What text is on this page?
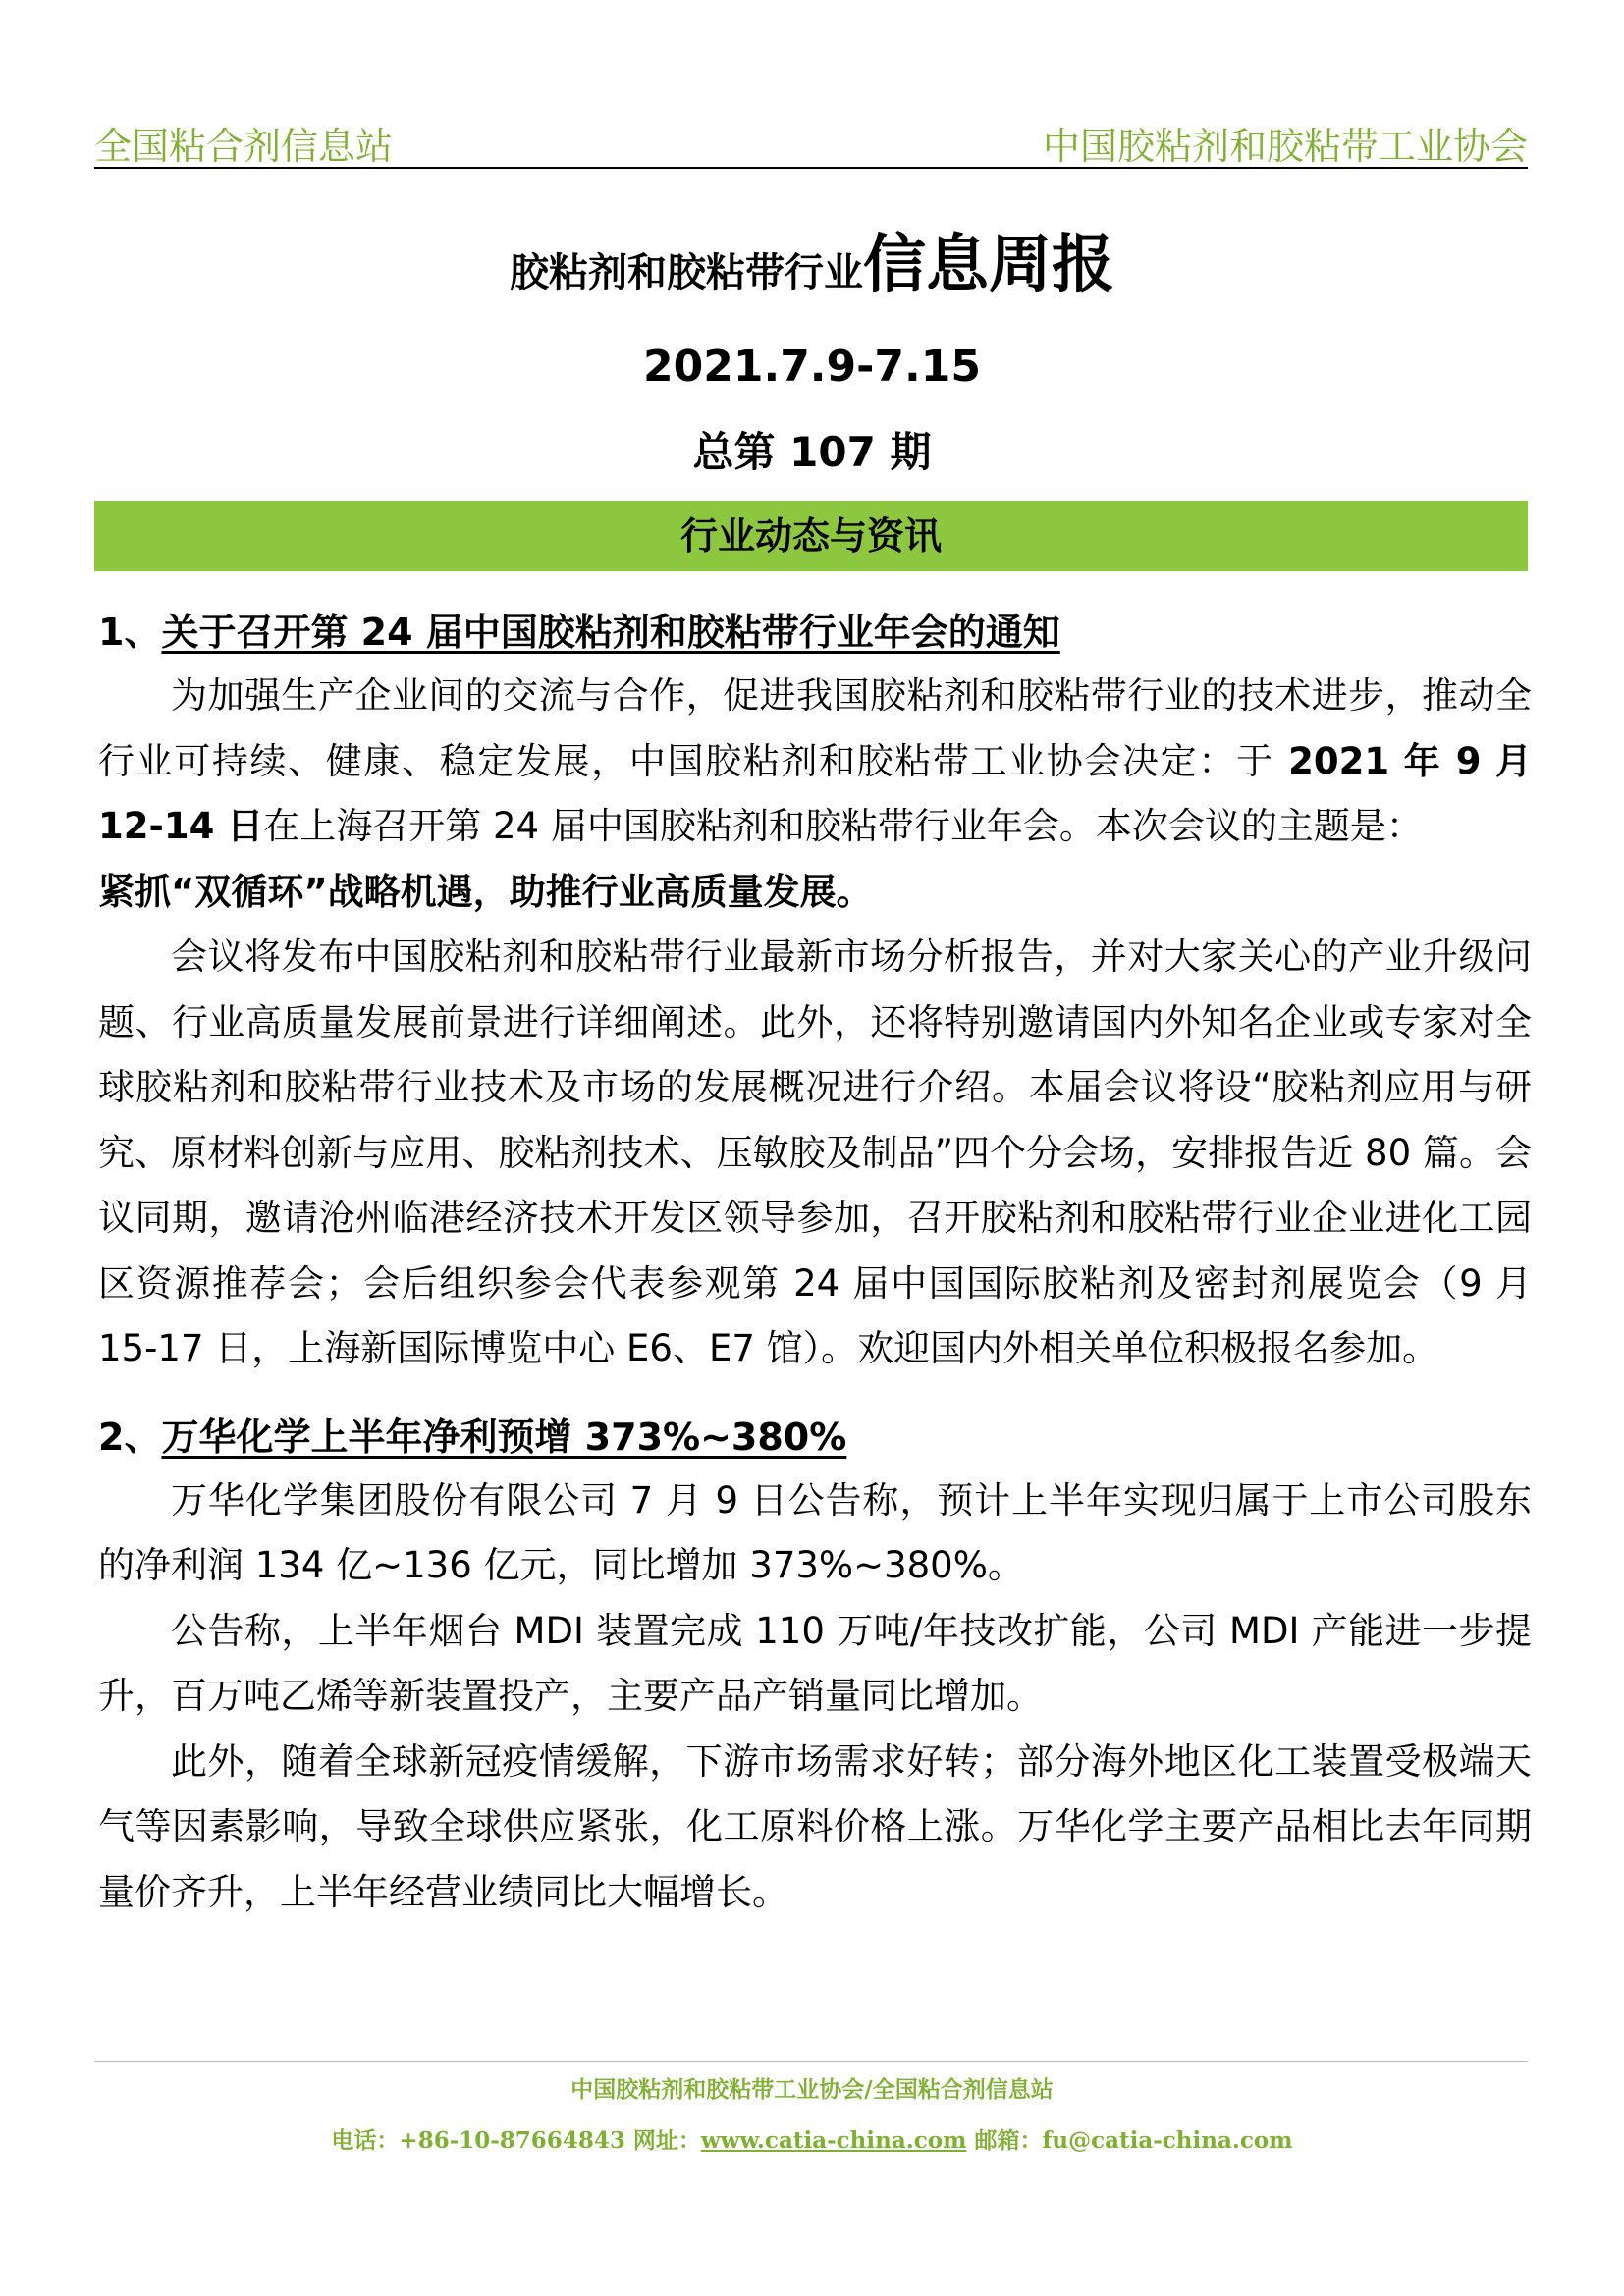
全国粘合剂信息站	中国胶粘剂和胶粘带工业协会
胶粘剂和胶粘带行业信息周报
2021.7.9-7.15
总第 107 期
行业动态与资讯
1、关于召开第 24 届中国胶粘剂和胶粘带行业年会的通知

为加强生产企业间的交流与合作，促进我国胶粘剂和胶粘带行业的技术进步，推动全行业可持续、健康、稳定发展，中国胶粘剂和胶粘带工业协会决定：于 2021 年 9 月 12-14 日在上海召开第 24 届中国胶粘剂和胶粘带行业年会。本次会议的主题是：
紧抓“双循环”战略机遇，助推行业高质量发展。

会议将发布中国胶粘剂和胶粘带行业最新市场分析报告，并对大家关心的产业升级问题、行业高质量发展前景进行详细阐述。此外，还将特别邀请国内外知名企业或专家对全球胶粘剂和胶粘带行业技术及市场的发展概况进行介绍。本届会议将设“胶粘剂应用与研究、原材料创新与应用、胶粘剂技术、压敏胶及制品”四个分会场，安排报告近 80 篇。会议同期，邀请沧州临港经济技术开发区领导参加，召开胶粘剂和胶粘带行业企业进化工园区资源推荐会；会后组织参会代表参观第 24 届中国国际胶粘剂及密封剂展览会（9 月 15-17 日，上海新国际博览中心 E6、E7 馆）。欢迎国内外相关单位积极报名参加。

2、万华化学上半年净利预增 373%~380%

万华化学集团股份有限公司 7 月 9 日公告称，预计上半年实现归属于上市公司股东的净利润 134 亿~136 亿元，同比增加 373%~380%。

公告称，上半年烟台 MDI 装置完成 110 万吨/年技改扩能，公司 MDI 产能进一步提升，百万吨乙烯等新装置投产，主要产品产销量同比增加。

此外，随着全球新冠疫情缓解，下游市场需求好转；部分海外地区化工装置受极端天气等因素影响，导致全球供应紧张，化工原料价格上涨。万华化学主要产品相比去年同期量价齐升，上半年经营业绩同比大幅增长。

中国胶粘剂和胶粘带工业协会/全国粘合剂信息站
电话：+86-10-87664843 网址：www.catia-china.com 邮箱：fu@catia-china.com
